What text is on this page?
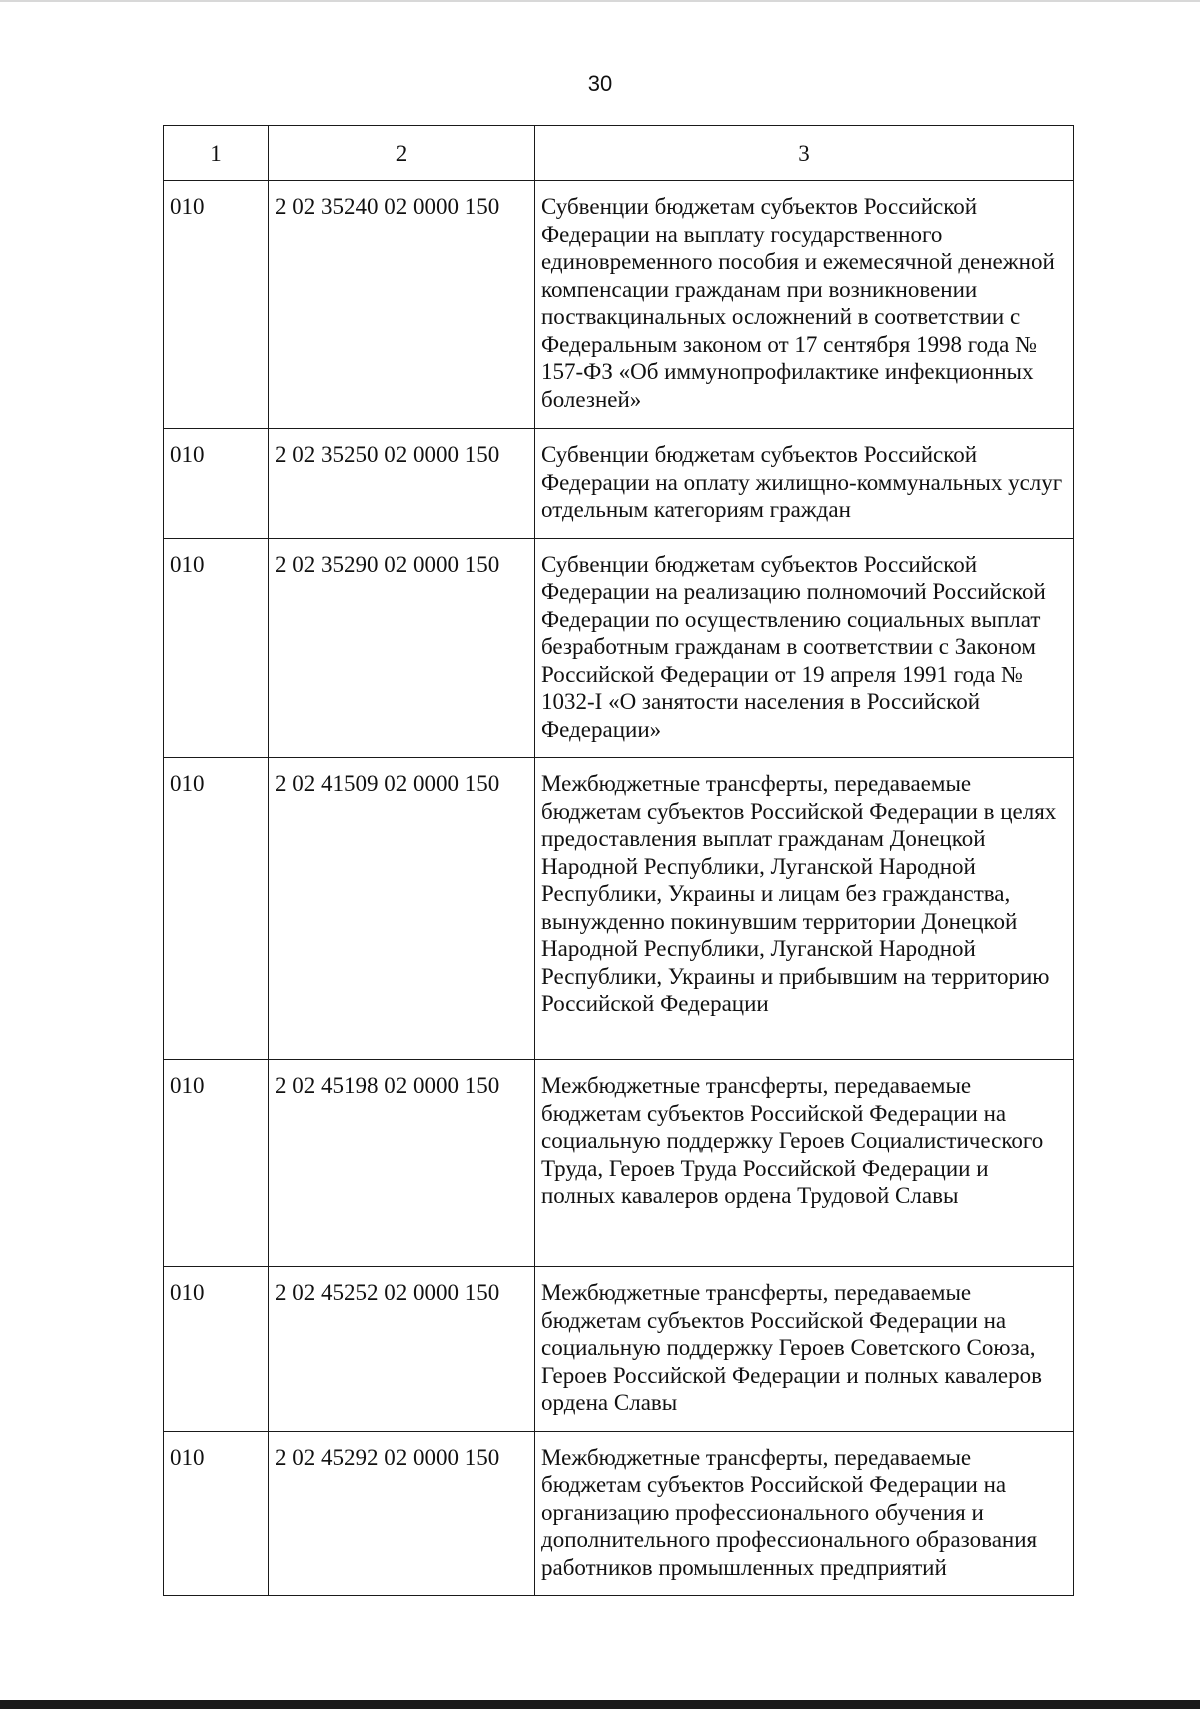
30
1	2	3
010	2 02 35240 02 0000 150	Субвенции бюджетам субъектов Российской Федерации на выплату государственного единовременного пособия и ежемесячной денежной компенсации гражданам при возникновении поствакцинальных осложнений в соответствии с Федеральным законом от 17 сентября 1998 года № 157-ФЗ «Об иммунопрофилактике инфекционных болезней»
010	2 02 35250 02 0000 150	Субвенции бюджетам субъектов Российской Федерации на оплату жилищно-коммунальных услуг отдельным категориям граждан
010	2 02 35290 02 0000 150	Субвенции бюджетам субъектов Российской Федерации на реализацию полномочий Российской Федерации по осуществлению социальных выплат безработным гражданам в соответствии с Законом Российской Федерации от 19 апреля 1991 года № 1032-I «О занятости населения в Российской Федерации»
010	2 02 41509 02 0000 150	Межбюджетные трансферты, передаваемые бюджетам субъектов Российской Федерации в целях предоставления выплат гражданам Донецкой Народной Республики, Луганской Народной Республики, Украины и лицам без гражданства, вынужденно покинувшим территории Донецкой Народной Республики, Луганской Народной Республики, Украины и прибывшим на территорию Российской Федерации
010	2 02 45198 02 0000 150	Межбюджетные трансферты, передаваемые бюджетам субъектов Российской Федерации на социальную поддержку Героев Социалистического Труда, Героев Труда Российской Федерации и полных кавалеров ордена Трудовой Славы
010	2 02 45252 02 0000 150	Межбюджетные трансферты, передаваемые бюджетам субъектов Российской Федерации на социальную поддержку Героев Советского Союза, Героев Российской Федерации и полных кавалеров ордена Славы
010	2 02 45292 02 0000 150	Межбюджетные трансферты, передаваемые бюджетам субъектов Российской Федерации на организацию профессионального обучения и дополнительного профессионального образования работников промышленных предприятий
